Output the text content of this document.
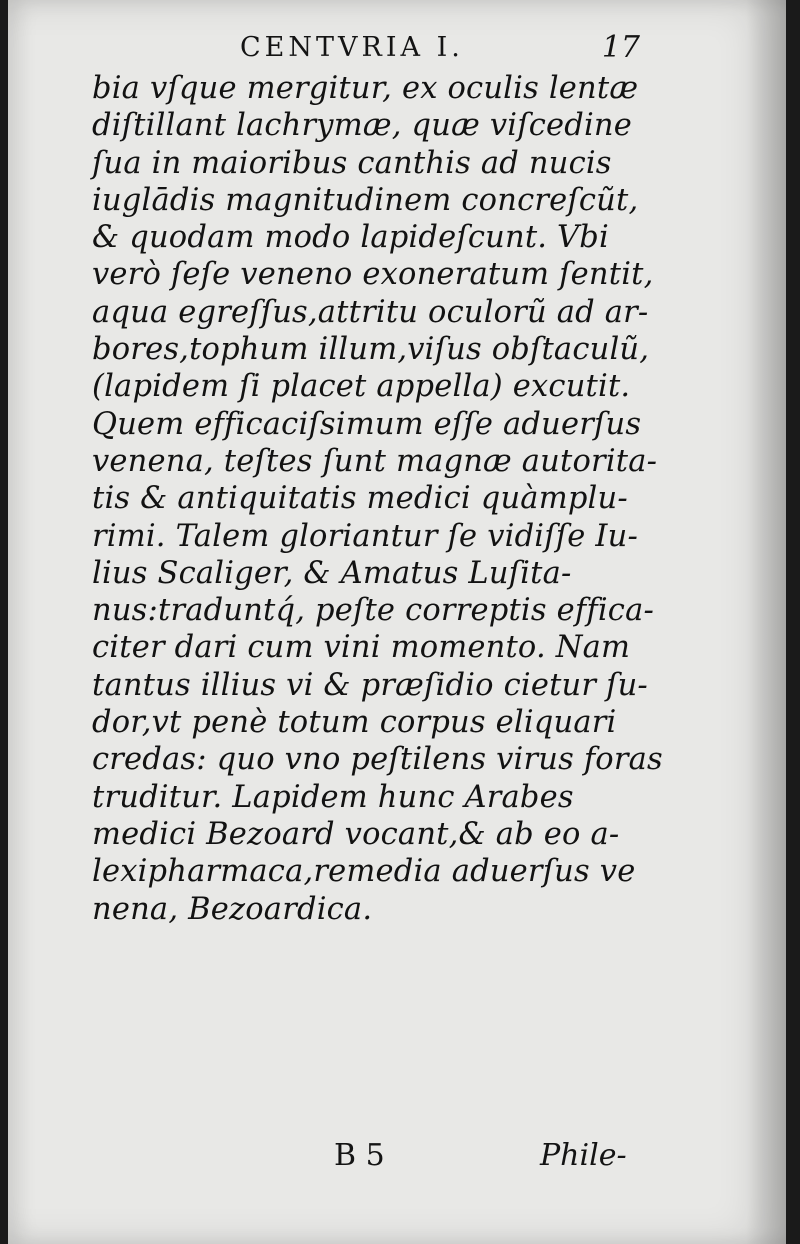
CENTVRIA I.	17
bia vſque mergitur, ex oculis lentæ
diſtillant lachrymæ, quæ viſcedine
ſua in maioribus canthis ad nucis
iuglādis magnitudinem concreſcũt,
& quodam modo lapideſcunt. Vbi
verò ſeſe veneno exoneratum ſentit,
aqua egreſſus,attritu oculorũ ad ar-
bores,tophum illum,viſus obſtaculũ,
(lapidem ſi placet appella) excutit.
Quem efficaciſsimum eſſe aduerſus
venena, teſtes ſunt magnæ autorita-
tis & antiquitatis medici quàmplu-
rimi. Talem gloriantur ſe vidiſſe Iu-
lius Scaliger, & Amatus Luſita-
nus:traduntq́, peſte correptis effica-
citer dari cum vini momento. Nam
tantus illius vi & præſidio cietur ſu-
dor,vt penè totum corpus eliquari
credas: quo vno peſtilens virus foras
truditur. Lapidem hunc Arabes
medici Bezoard vocant,& ab eo a-
lexipharmaca,remedia aduerſus ve
nena, Bezoardica.
B 5	Phile-
